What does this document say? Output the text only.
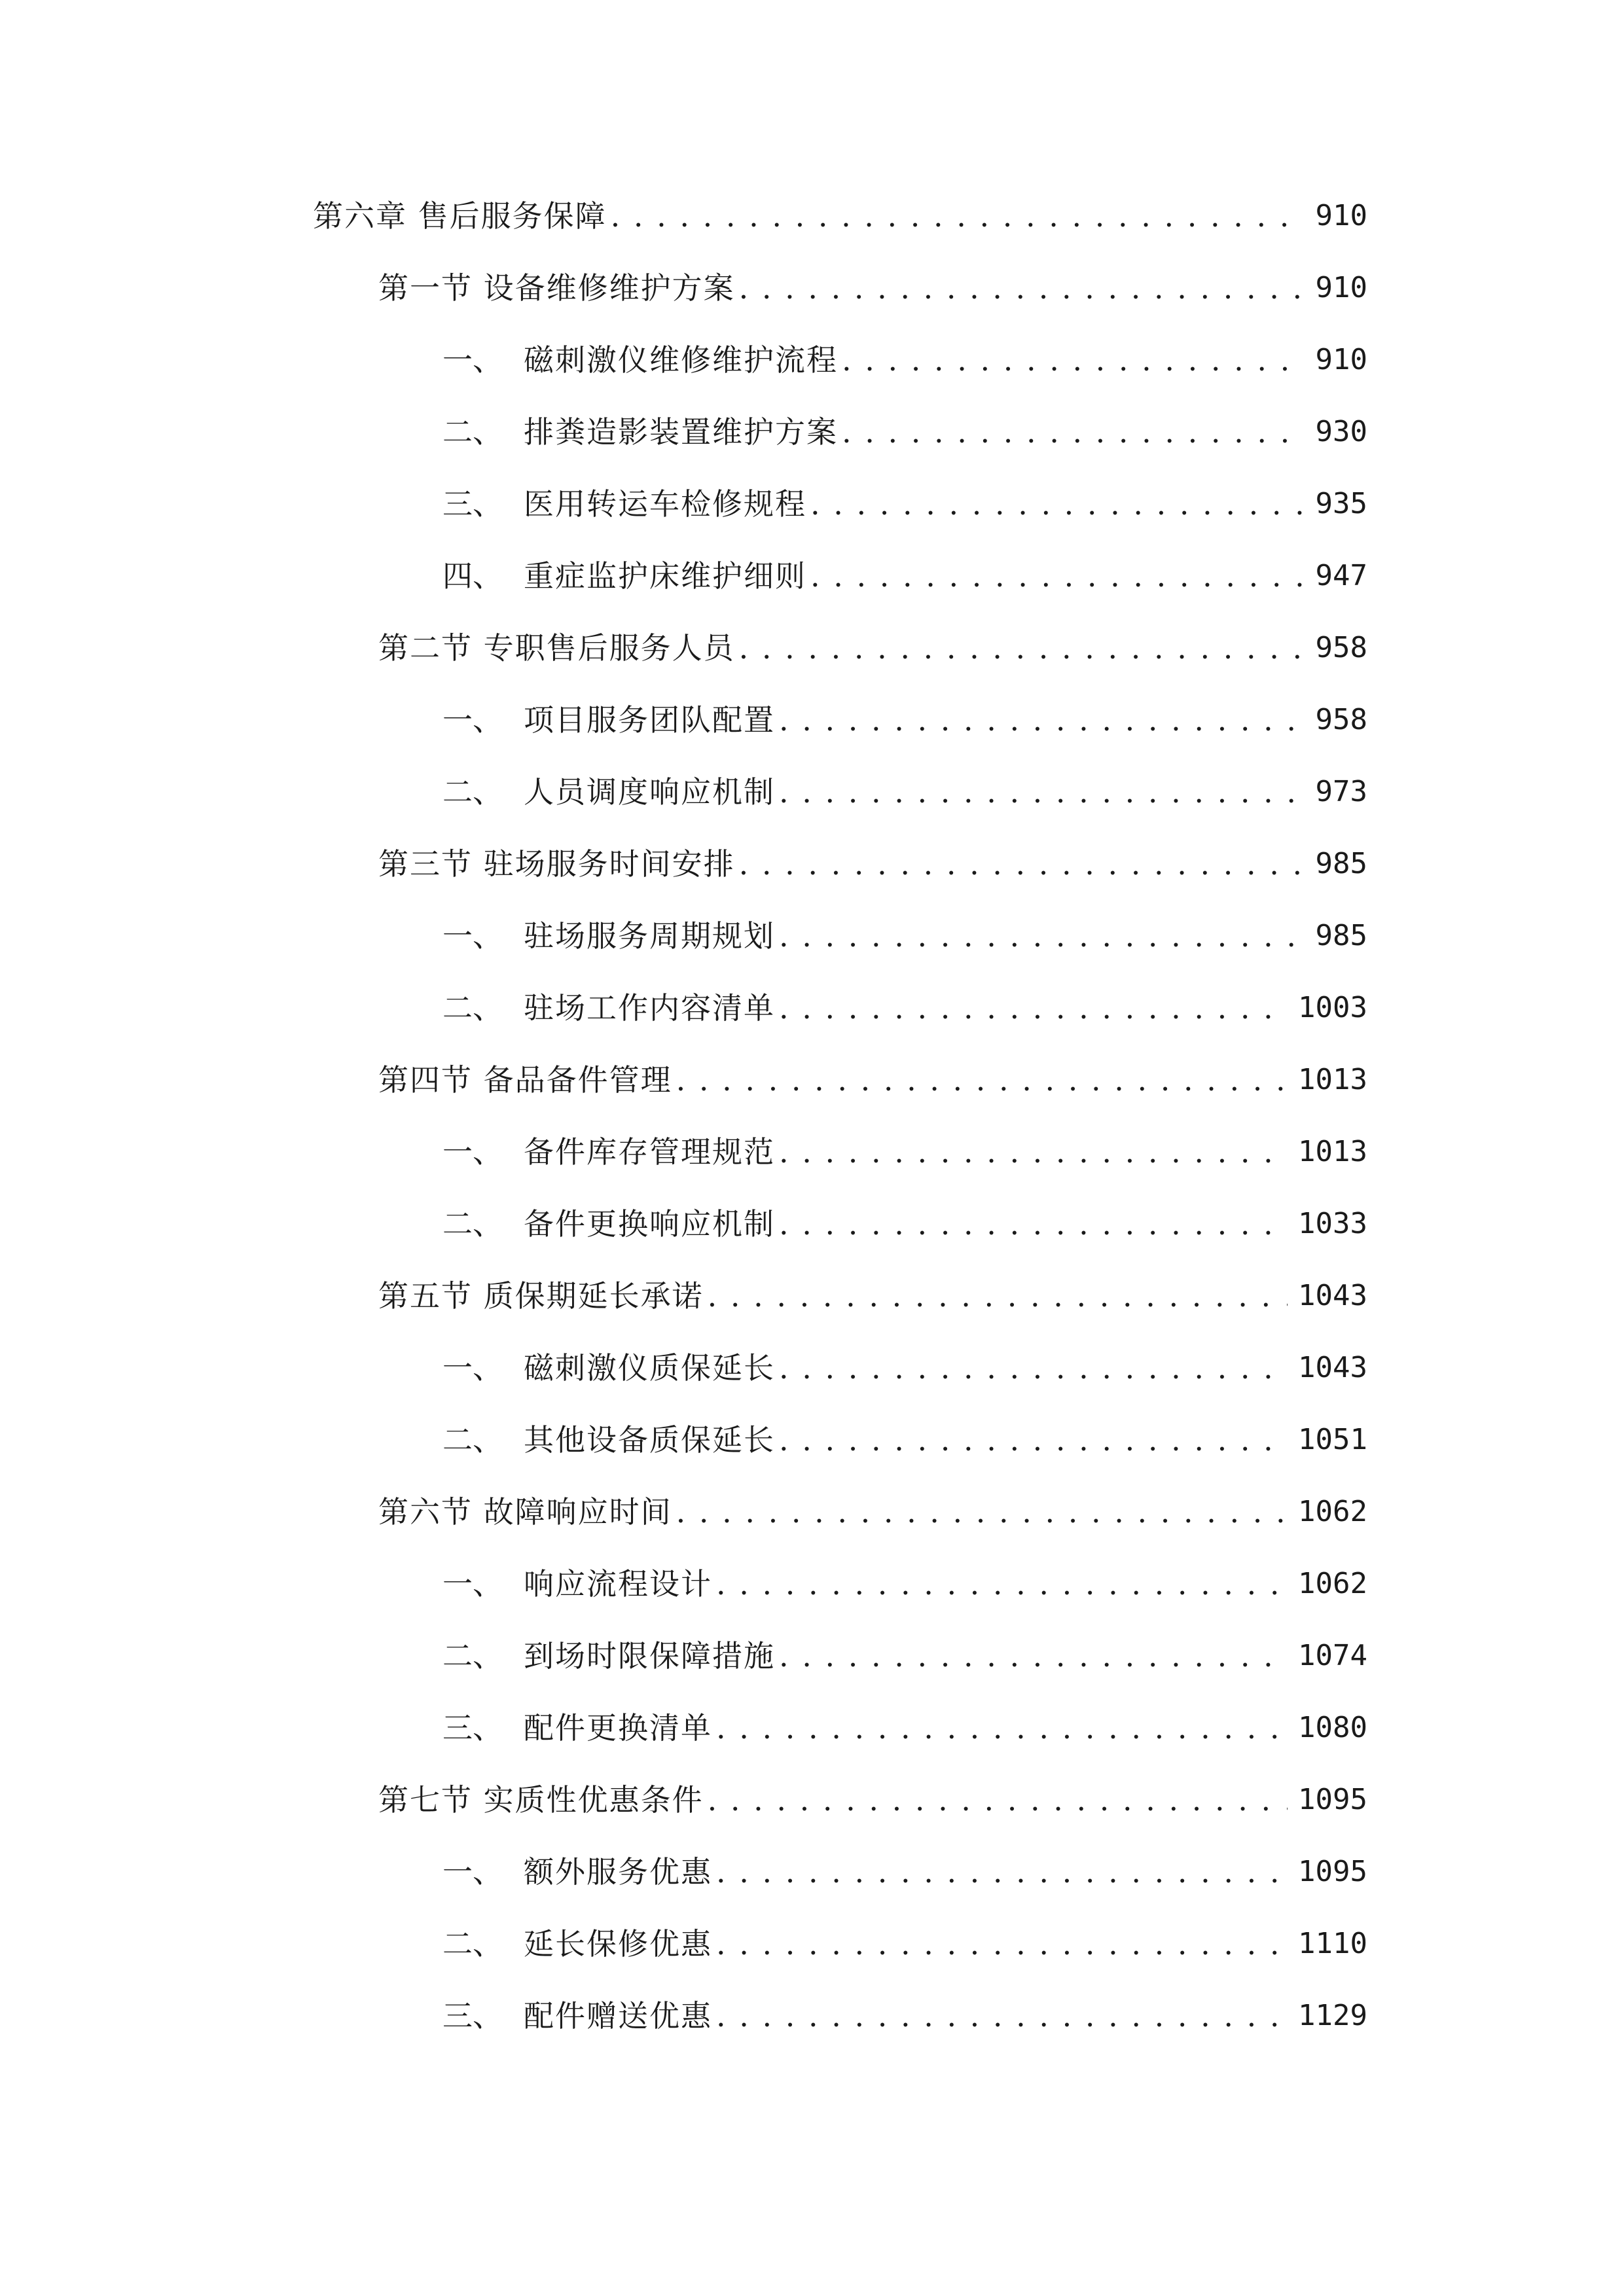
第六章 售后服务保障 . . .	910
第一节 设备维修维护方案 . . .	910
一、 磁刺激仪维修维护流程 . . .	910
二、 排粪造影装置维护方案 . . .	930
三、 医用转运车检修规程 . . .	935
四、 重症监护床维护细则 . . .	947
第二节 专职售后服务人员 . . .	958
一、 项目服务团队配置 . . .	958
二、 人员调度响应机制 . . .	973
第三节 驻场服务时间安排 . . .	985
一、 驻场服务周期规划 . . .	985
二、 驻场工作内容清单 . . .	1003
第四节 备品备件管理 . . .	1013
一、 备件库存管理规范 . . .	1013
二、 备件更换响应机制 . . .	1033
第五节 质保期延长承诺 . . .	1043
一、 磁刺激仪质保延长 . . .	1043
二、 其他设备质保延长 . . .	1051
第六节 故障响应时间 . . .	1062
一、 响应流程设计 . . .	1062
二、 到场时限保障措施 . . .	1074
三、 配件更换清单 . . .	1080
第七节 实质性优惠条件 . . .	1095
一、 额外服务优惠 . . .	1095
二、 延长保修优惠 . . .	1110
三、 配件赠送优惠 . . .	1129
